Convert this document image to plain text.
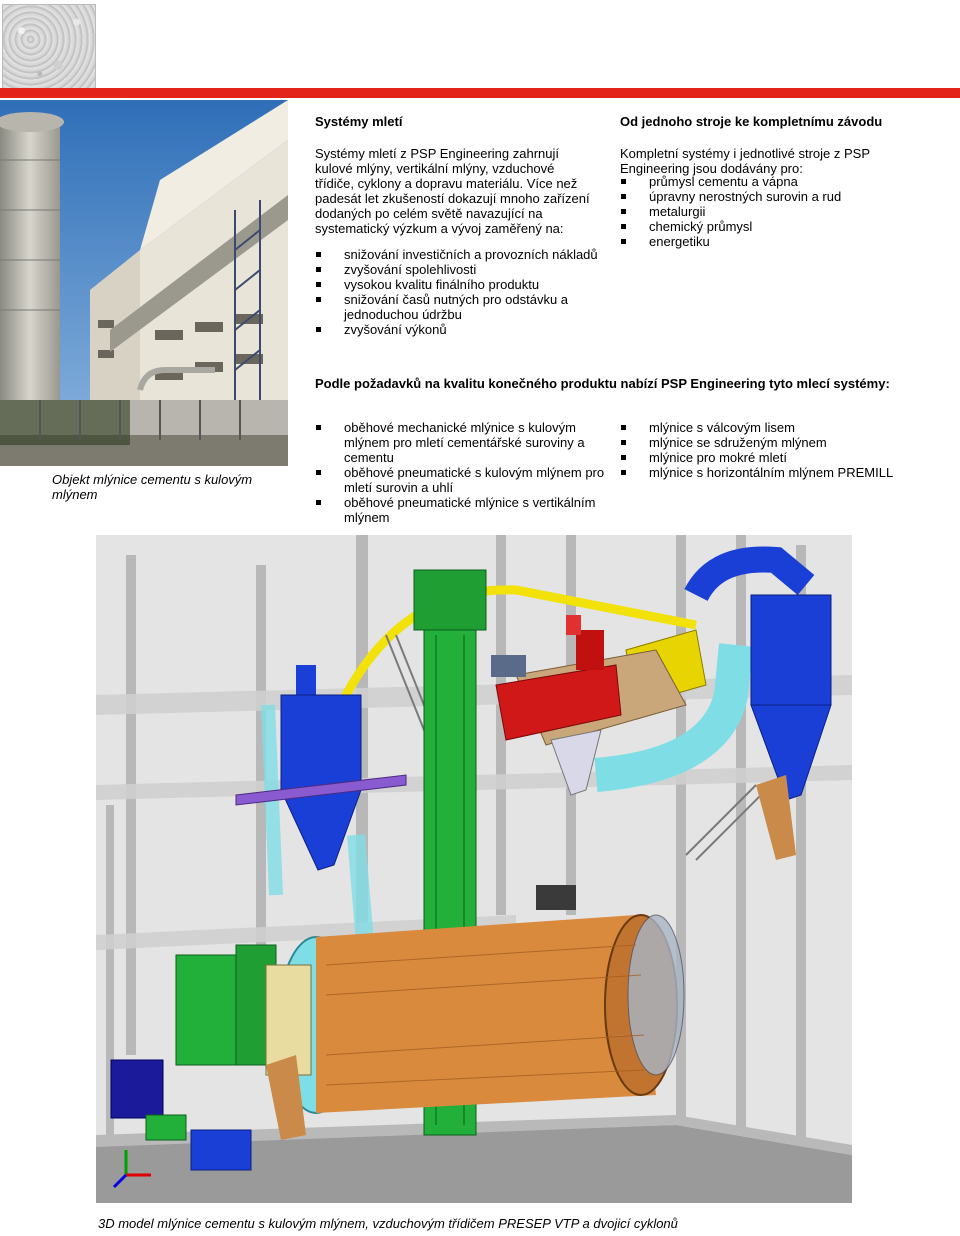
Objekt mlýnice cementu s kulovým mlýnem
Systémy mletí
Systémy mletí z PSP Engineering zahrnují kulové mlýny, vertikální mlýny, vzduchové třídiče, cyklony a dopravu materiálu. Více než padesát let zkušeností dokazují mnoho zařízení dodaných po celém světě navazující na systematický výzkum a vývoj zaměřený na:
snižování investičních a provozních nákladů
zvyšování spolehlivosti
vysokou kvalitu finálního produktu
snižování časů nutných pro odstávku a jednoduchou údržbu
zvyšování výkonů
Od jednoho stroje ke kompletnímu závodu
Kompletní systémy i jednotlivé stroje z PSP Engineering jsou dodávány pro:
průmysl cementu a vápna
úpravny nerostných surovin a rud
metalurgii
chemický průmysl
energetiku
Podle požadavků na kvalitu konečného produktu nabízí PSP Engineering tyto mlecí systémy:
oběhové mechanické mlýnice s kulovým mlýnem pro mletí cementářské suroviny a cementu
oběhové pneumatické s kulovým mlýnem pro mletí surovin a uhlí
oběhové pneumatické mlýnice s vertikálním mlýnem
mlýnice s válcovým lisem
mlýnice se sdruženým mlýnem
mlýnice pro mokré mletí
mlýnice s horizontálním mlýnem PREMILL
3D model mlýnice cementu s kulovým mlýnem, vzduchovým třídičem PRESEP VTP a dvojicí cyklonů
